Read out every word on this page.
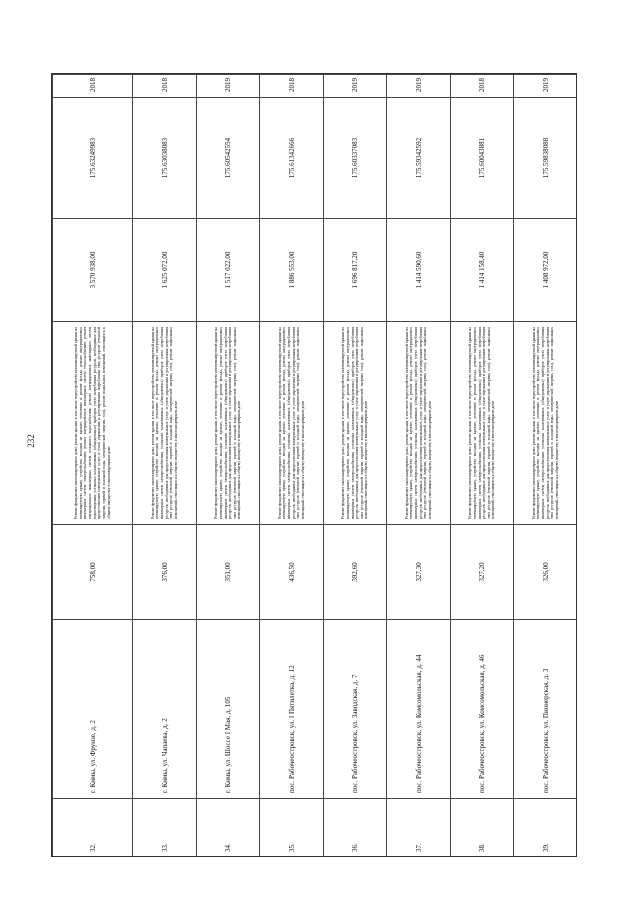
232
32.	г. Кимы, ул. Фрунзе, д. 2	758,00	Ремонт фундамента многоквартирного дома, ремонт крыши, в том числе переустройство невентилируемой крыши на вентилируемую крышу, устройство выходов на кровлю, утепление и ремонт фасада, ремонт внутридомовых инженерных систем электроснабжения, ремонт внутридомовых инженерных систем теплоснабжения, ремонт внутридомовых инженерных систем холодного водоснабжения, ремонт внутридомовых инженерных систем водоотведения, установка коллективных (общедомовых) приборов учета потребления ресурсов, необходимых для предоставления коммунальных услуг, и узлов управления и регулирования потребления этих ресурсов (тепловой энергии, горячей и холодной воды, электрической энергии, газа), ремонт подвальных помещений, относящихся к общему имуществу в многоквартирном доме	3 570 938,00	175.63249983	2018
33.	г. Кимы, ул. Чапаева, д. 2	376,00	Ремонт фундамента многоквартирного дома, ремонт крыши, в том числе переустройство невентилируемой крыши на вентилируемую крышу, устройство выходов на кровлю, утепление и ремонт фасада, ремонт внутридомовых инженерных систем электроснабжения, установка коллективных (общедомовых) приборов учета потребления ресурсов, необходимых для предоставления коммунальных услуг, и узлов управления и регулирования потребления этих ресурсов (тепловой энергии, горячей и холодной воды, электрической энергии, газа), ремонт подвальных помещений, относящихся к общему имуществу в многоквартирном доме	1 625 072,00	175.63038083	2018
34.	г. Кимы, ул. Шоссе I Мая, д. 105	351,00	Ремонт фундамента многоквартирного дома, ремонт крыши, в том числе переустройство невентилируемой крыши на вентилируемую крышу, устройство выходов на кровлю, утепление и ремонт фасада, ремонт внутридомовых инженерных систем электроснабжения, установка коллективных (общедомовых) приборов учета потребления ресурсов, необходимых для предоставления коммунальных услуг, и узлов управления и регулирования потребления этих ресурсов (тепловой энергии, горячей и холодной воды, электрической энергии, газа), ремонт подвальных помещений, относящихся к общему имуществу в многоквартирном доме	1 517 022,00	175.60542554	2019
35.	пос. Рабочеостровск, ул. I Пятилетка, д. 12	436,50	Ремонт фундамента многоквартирного дома, ремонт крыши, в том числе переустройство невентилируемой крыши на вентилируемую крышу, устройство выходов на кровлю, утепление и ремонт фасада, ремонт внутридомовых инженерных систем электроснабжения, установка коллективных (общедомовых) приборов учета потребления ресурсов, необходимых для предоставления коммунальных услуг, и узлов управления и регулирования потребления этих ресурсов (тепловой энергии, горячей и холодной воды, электрической энергии, газа), ремонт подвальных помещений, относящихся к общему имуществу в многоквартирном доме	1 886 553,00	175.61342666	2018
36.	пос. Рабочеостровск, ул. Заводская, д. 7	392,60	Ремонт фундамента многоквартирного дома, ремонт крыши, в том числе переустройство невентилируемой крыши на вентилируемую крышу, устройство выходов на кровлю, утепление и ремонт фасада, ремонт внутридомовых инженерных систем электроснабжения, установка коллективных (общедомовых) приборов учета потребления ресурсов, необходимых для предоставления коммунальных услуг, и узлов управления и регулирования потребления этих ресурсов (тепловой энергии, горячей и холодной воды, электрической энергии, газа), ремонт подвальных помещений, относящихся к общему имуществу в многоквартирном доме	1 696 817,20	175.60337083	2019
37.	пос. Рабочеостровск, ул. Комсомольская, д. 44	327,30	Ремонт фундамента многоквартирного дома, ремонт крыши, в том числе переустройство невентилируемой крыши на вентилируемую крышу, устройство выходов на кровлю, утепление и ремонт фасада, ремонт внутридомовых инженерных систем электроснабжения, установка коллективных (общедомовых) приборов учета потребления ресурсов, необходимых для предоставления коммунальных услуг, и узлов управления и регулирования потребления этих ресурсов (тепловой энергии, горячей и холодной воды, электрической энергии, газа), ремонт подвальных помещений, относящихся к общему имуществу в многоквартирном доме	1 414 590,60	175.59342592	2019
38.	пос. Рабочеостровск, ул. Комсомольская, д. 46	327,20	Ремонт фундамента многоквартирного дома, ремонт крыши, в том числе переустройство невентилируемой крыши на вентилируемую крышу, устройство выходов на кровлю, утепление и ремонт фасада, ремонт внутридомовых инженерных систем электроснабжения, установка коллективных (общедомовых) приборов учета потребления ресурсов, необходимых для предоставления коммунальных услуг, и узлов управления и регулирования потребления этих ресурсов (тепловой энергии, горячей и холодной воды, электрической энергии, газа), ремонт подвальных помещений, относящихся к общему имуществу в многоквартирном доме	1 414 158,40	175.60043881	2018
39.	пос. Рабочеостровск, ул. Пионерская, д. 3	326,00	Ремонт фундамента многоквартирного дома, ремонт крыши, в том числе переустройство невентилируемой крыши на вентилируемую крышу, устройство выходов на кровлю, утепление и ремонт фасада, ремонт внутридомовых инженерных систем электроснабжения, установка коллективных (общедомовых) приборов учета потребления ресурсов, необходимых для предоставления коммунальных услуг, и узлов управления и регулирования потребления этих ресурсов (тепловой энергии, горячей и холодной воды, электрической энергии, газа), ремонт подвальных помещений, относящихся к общему имуществу в многоквартирном доме	1 408 972,00	175.59838088	2019
